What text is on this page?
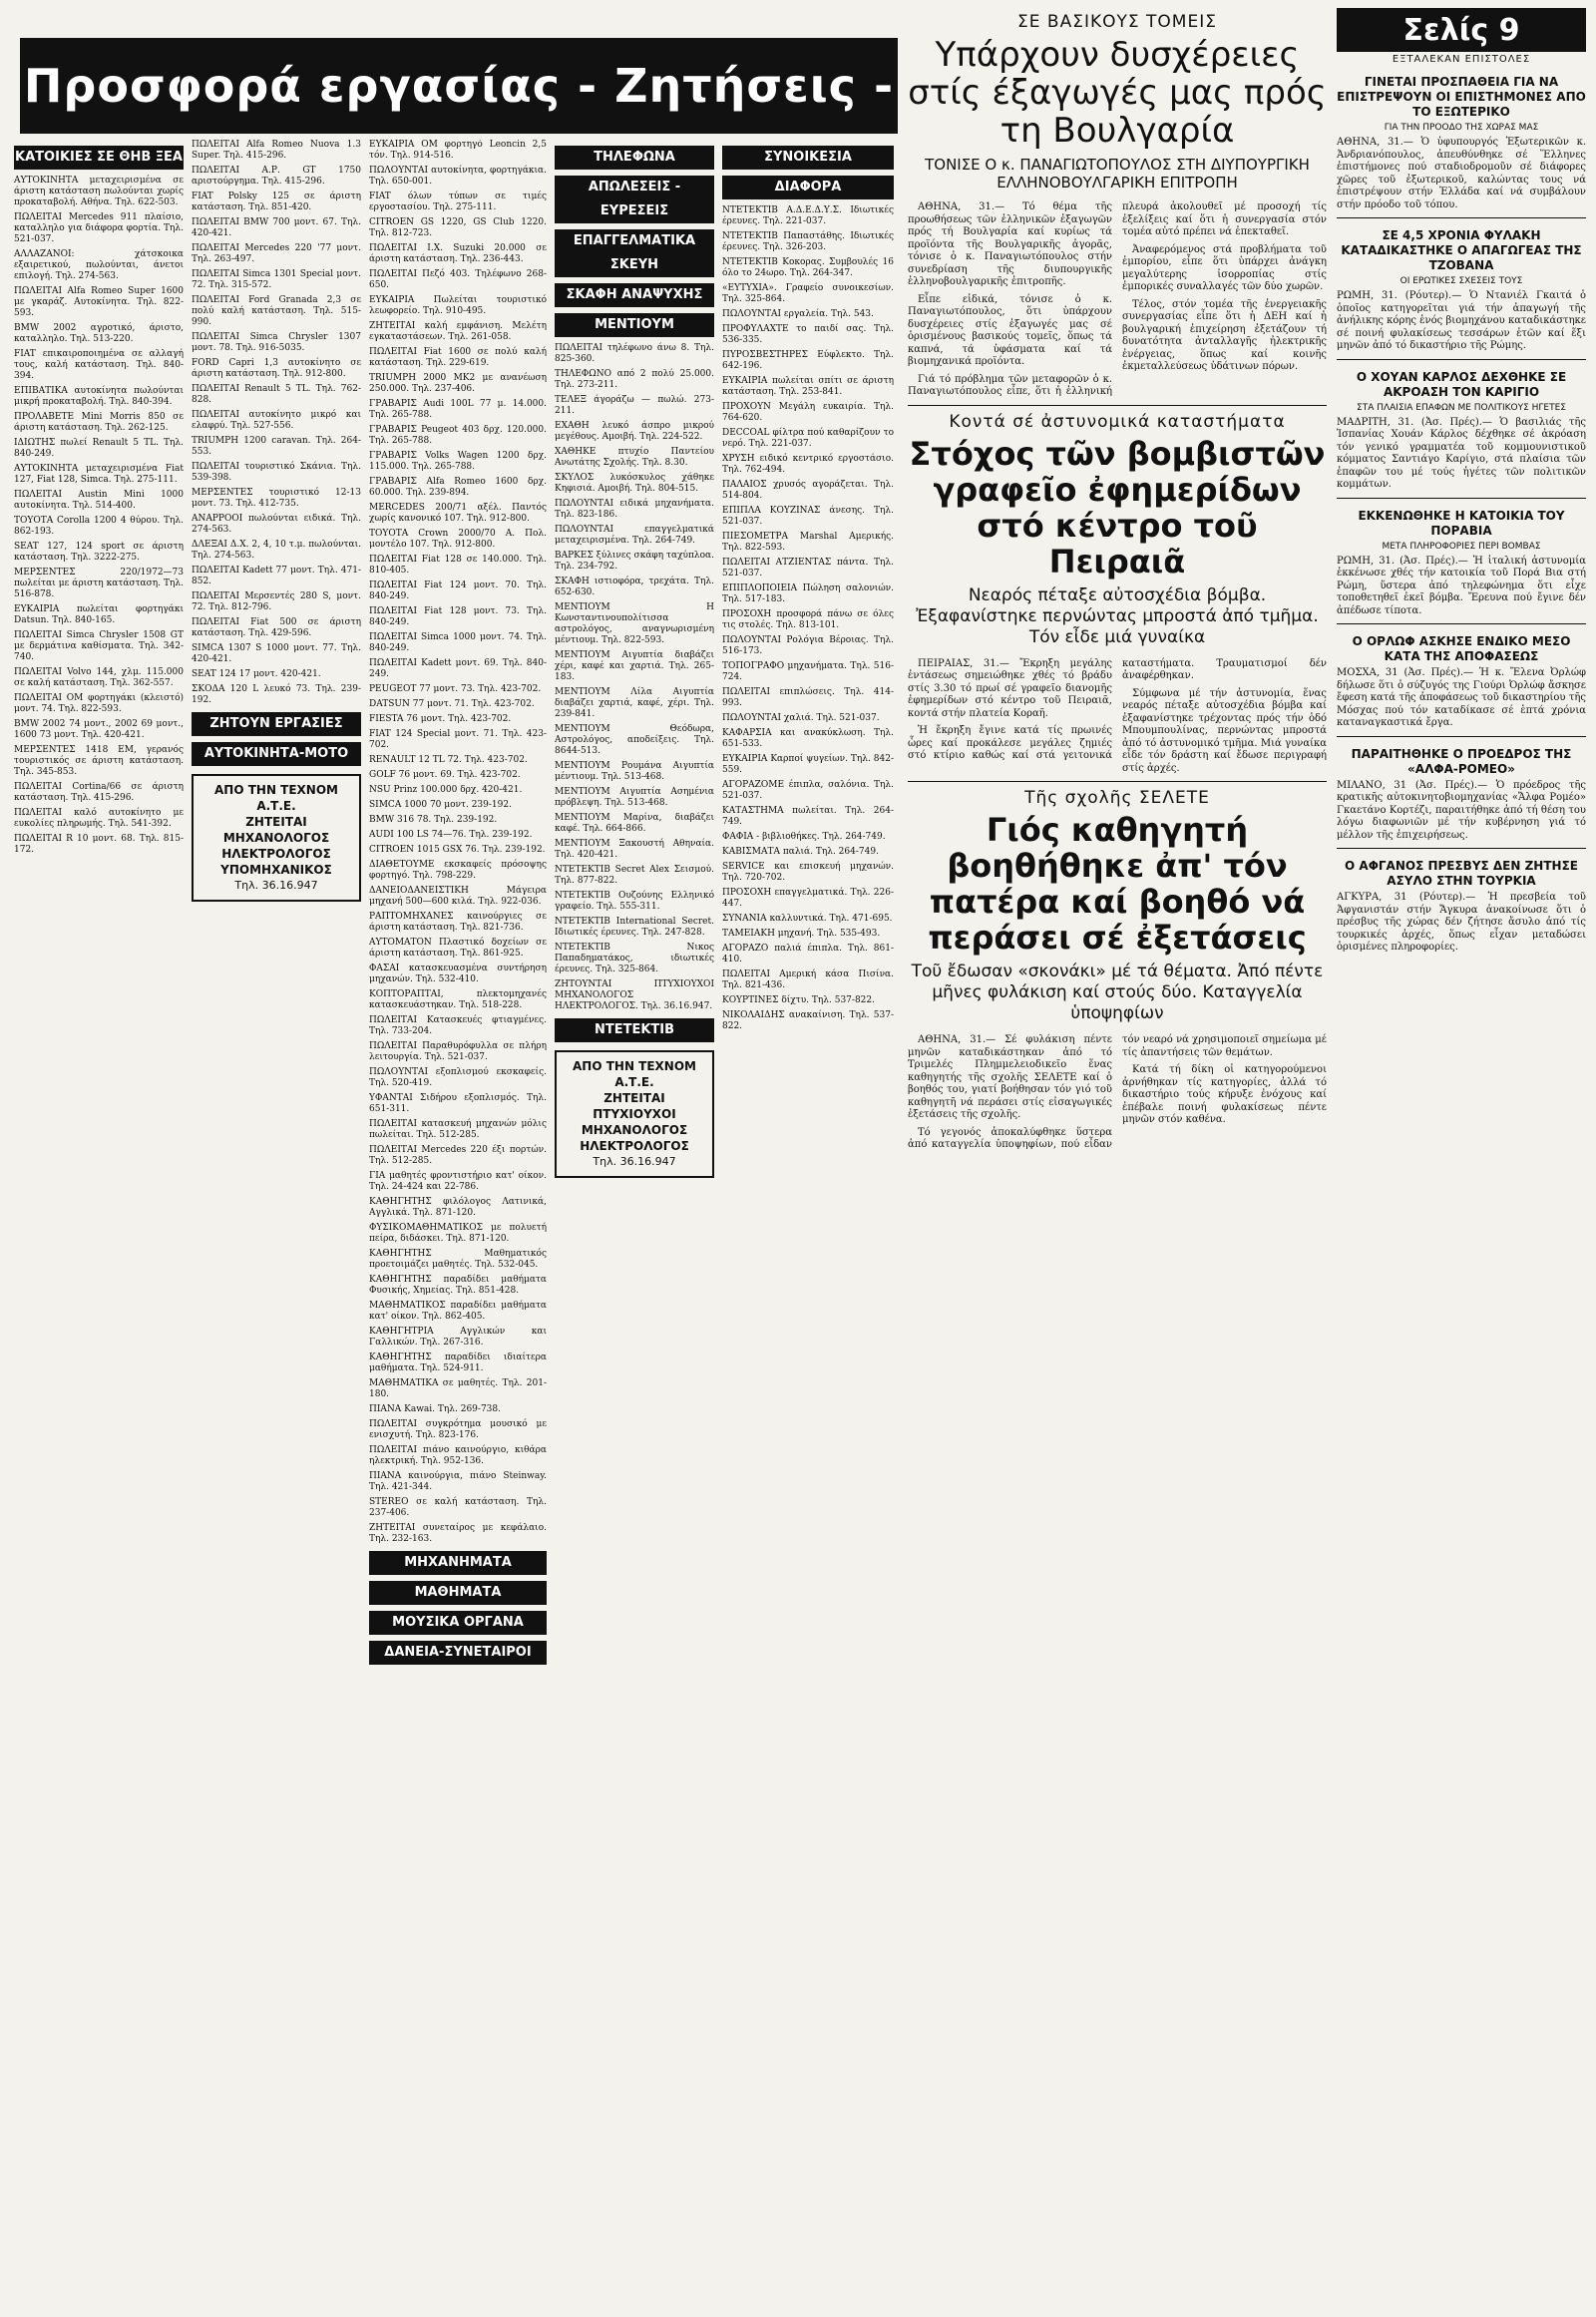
Προσφορά εργασίας - Ζητήσεις -
ΚΑΤΟΙΚΙΕΣ ΣΕ ΘΗΒ ΞΕΑ

ΑΥΤΟΚΙΝΗΤΑ μεταχειρισμένα σε άριστη κατάσταση πωλούνται χωρίς προκαταβολή. Αθήνα. Τηλ. 622-503.

ΠΩΛΕΙΤΑΙ Mercedes 911 πλαίσιο, καταλληλο για διάφορα φορτία. Τηλ. 521-037.

ΑΛΛΑΖΑΝΟΙ: χάτσκοικα εξαιρετικού, πωλούνται, άνετοι επιλογή. Τηλ. 274-563.

ΠΩΛΕΙΤΑΙ Alfa Romeo Super 1600 με γκαράζ. Αυτοκίνητα. Τηλ. 822-593.

BMW 2002 αγροτικό, άριστο, καταλληλο. Τηλ. 513-220.

FIAT επικαιροποιημένα σε αλλαγή τους, καλή κατάσταση. Τηλ. 840-394.

ΕΠΙΒΑΤΙΚΑ αυτοκίνητα πωλούνται μικρή προκαταβολή. Τηλ. 840-394.

ΠΡΟΛΑΒΕΤΕ Mini Morris 850 σε άριστη κατάσταση. Τηλ. 262-125.

ΙΔΙΩΤΗΣ πωλεί Renault 5 TL. Τηλ. 840-249.

ΑΥΤΟΚΙΝΗΤΑ μεταχειρισμένα Fiat 127, Fiat 128, Simca. Τηλ. 275-111.

ΠΩΛΕΙΤΑΙ Austin Mini 1000 αυτοκίνητα. Τηλ. 514-400.

ΤΟΥΟΤΑ Corolla 1200 4 θύρου. Τηλ. 862-193.

SEAT 127, 124 sport σε άριστη κατάσταση. Τηλ. 3222-275.

ΜΕΡΣΕΝΤΕΣ 220/1972—73 πωλείται με άριστη κατάσταση. Τηλ. 516-878.

ΕΥΚΑΙΡΙΑ πωλείται φορτηγάκι Datsun. Τηλ. 840-165.

ΠΩΛΕΙΤΑΙ Simca Chrysler 1508 GT με δερμάτινα καθίσματα. Τηλ. 342-740.

ΠΩΛΕΙΤΑΙ Volvo 144, χλμ. 115.000 σε καλή κατάσταση. Τηλ. 362-557.

ΠΩΛΕΙΤΑΙ OM φορτηγάκι (κλειστό) μοντ. 74. Τηλ. 822-593.

BMW 2002 74 μοντ., 2002 69 μοντ., 1600 73 μοντ. Τηλ. 420-421.

ΜΕΡΣΕΝΤΕΣ 1418 ΕΜ, γερανός τουριστικός σε άριστη κατάσταση. Τηλ. 345-853.

ΠΩΛΕΙΤΑΙ Cortina/66 σε άριστη κατάσταση. Τηλ. 415-296.

ΠΩΛΕΙΤΑΙ καλό αυτοκίνητο με ευκολίες πληρωμής. Τηλ. 541-392.

ΠΩΛΕΙΤΑΙ R 10 μοντ. 68. Τηλ. 815-172.

ΠΩΛΕΙΤΑΙ Alfa Romeo Nuova 1.3 Super. Τηλ. 415-296.

ΠΩΛΕΙΤΑΙ Α.Ρ. GT 1750 αριστούργημα. Τηλ. 415-296.

FIAT Polsky 125 σε άριστη κατάσταση. Τηλ. 851-420.

ΠΩΛΕΙΤΑΙ BMW 700 μοντ. 67. Τηλ. 420-421.

ΠΩΛΕΙΤΑΙ Mercedes 220 '77 μοντ. Τηλ. 263-497.

ΠΩΛΕΙΤΑΙ Simca 1301 Special μοντ. 72. Τηλ. 315-572.

ΠΩΛΕΙΤΑΙ Ford Granada 2,3 σε πολύ καλή κατάσταση. Τηλ. 515-990.

ΠΩΛΕΙΤΑΙ Simca Chrysler 1307 μοντ. 78. Τηλ. 916-5035.

FORD Capri 1,3 αυτοκίνητο σε άριστη κατάσταση. Τηλ. 912-800.

ΠΩΛΕΙΤΑΙ Renault 5 TL. Τηλ. 762-828.

ΠΩΛΕΙΤΑΙ αυτοκίνητο μικρό και ελαφρύ. Τηλ. 527-556.

TRIUMPH 1200 caravan. Τηλ. 264-553.

ΠΩΛΕΙΤΑΙ τουριστικό Σκάνια. Τηλ. 539-398.

ΜΕΡΣΕΝΤΕΣ τουριστικό 12-13 μοντ. 73. Τηλ. 412-735.

ΑΝΑΡΡΟΟΙ πωλούνται ειδικά. Τηλ. 274-563.

ΔΛΕΞΑΙ Δ.Χ. 2, 4, 10 τ.μ. πωλούνται. Τηλ. 274-563.

ΠΩΛΕΙΤΑΙ Kadett 77 μοντ. Τηλ. 471-852.

ΠΩΛΕΙΤΑΙ Μερσεντές 280 S, μοντ. 72. Τηλ. 812-796.

ΠΩΛΕΙΤΑΙ Fiat 500 σε άριστη κατάσταση. Τηλ. 429-596.

SIMCA 1307 S 1000 μοντ. 77. Τηλ. 420-421.

SEAT 124 17 μοντ. 420-421.

ΣΚΟΔΑ 120 L λευκό 73. Τηλ. 239-192.

ΖΗΤΟΥΝ ΕΡΓΑΣΙΕΣ
ΑΥΤΟΚΙΝΗΤΑ-ΜΟΤΟ
ΑΠΟ ΤΗΝ ΤΕΧΝΟΜ Α.Τ.Ε.
ΖΗΤΕΙΤΑΙ
ΜΗΧΑΝΟΛΟΓΟΣ ΗΛΕΚΤΡΟΛΟΓΟΣ ΥΠΟΜΗΧΑΝΙΚΟΣ
Τηλ. 36.16.947

ΕΥΚΑΙΡΙΑ ΟΜ φορτηγό Leoncin 2,5 τόν. Τηλ. 914-516.

ΠΩΛΟΥΝΤΑΙ αυτοκίνητα, φορτηγάκια. Τηλ. 650-001.

FIAT όλων τύπων σε τιμές εργοστασίου. Τηλ. 275-111.

CITROEN GS 1220, GS Club 1220. Τηλ. 812-723.

ΠΩΛΕΙΤΑΙ Ι.Χ. Suzuki 20.000 σε άριστη κατάσταση. Τηλ. 236-443.

ΠΩΛΕΙΤΑΙ Πεζό 403. Τηλέφωνο 268-650.

ΕΥΚΑΙΡΙΑ Πωλείται τουριστικό λεωφορείο. Τηλ. 910-495.

ΖΗΤΕΙΤΑΙ καλή εμφάνιση. Μελέτη εγκαταστάσεων. Τηλ. 261-058.

ΠΩΛΕΙΤΑΙ Fiat 1600 σε πολύ καλή κατάσταση. Τηλ. 229-619.

TRIUMPH 2000 MK2 με ανανέωση 250.000. Τηλ. 237-406.

ΓΡΑΒΑΡΙΣ Audi 100L 77 μ. 14.000. Τηλ. 265-788.

ΓΡΑΒΑΡΙΣ Peugeot 403 δρχ. 120.000. Τηλ. 265-788.

ΓΡΑΒΑΡΙΣ Volks Wagen 1200 δρχ. 115.000. Τηλ. 265-788.

ΓΡΑΒΑΡΙΣ Alfa Romeo 1600 δρχ. 60.000. Τηλ. 239-894.

MERCEDES 200/71 αξέλ. Παντός χωρίς κανονικό 107. Τηλ. 912-800.

ΤΟΥΟΤΑ Crown 2000/70 Α. Πολ. μοντέλο 107. Τηλ. 912-800.

ΠΩΛΕΙΤΑΙ Fiat 128 σε 140.000. Τηλ. 810-405.

ΠΩΛΕΙΤΑΙ Fiat 124 μοντ. 70. Τηλ. 840-249.

ΠΩΛΕΙΤΑΙ Fiat 128 μοντ. 73. Τηλ. 840-249.

ΠΩΛΕΙΤΑΙ Simca 1000 μοντ. 74. Τηλ. 840-249.

ΠΩΛΕΙΤΑΙ Kadett μοντ. 69. Τηλ. 840-249.

PEUGEOT 77 μοντ. 73. Τηλ. 423-702.

DATSUN 77 μοντ. 71. Τηλ. 423-702.

FIESTA 76 μοντ. Τηλ. 423-702.

FIAT 124 Special μοντ. 71. Τηλ. 423-702.

RENAULT 12 TL 72. Τηλ. 423-702.

GOLF 76 μοντ. 69. Τηλ. 423-702.

NSU Prinz 100.000 δρχ. 420-421.

SIMCA 1000 70 μοντ. 239-192.

BMW 316 78. Τηλ. 239-192.

AUDI 100 LS 74—76. Τηλ. 239-192.

CITROEN 1015 GSX 76. Τηλ. 239-192.

ΔΙΑΘΕΤΟΥΜΕ εκσκαφείς πρόσοψης φορτηγό. Τηλ. 798-229.

ΔΑΝΕΙΟΔΑΝΕΙΣΤΙΚΗ Μάγειρα μηχανή 500—600 κιλά. Τηλ. 922-036.

ΡΑΠΤΟΜΗΧΑΝΕΣ καινούργιες σε άριστη κατάσταση. Τηλ. 821-736.

ΑΥΤΟΜΑΤΟΝ Πλαστικό δοχείων σε άριστη κατάσταση. Τηλ. 861-925.

ΦΑΣΑΙ κατασκευασμένα συντήρηση μηχανών. Τηλ. 532-410.

ΚΟΠΤΟΡΑΠΤΑΙ, πλεκτομηχανές κατασκευάστηκαν. Τηλ. 518-228.

ΠΩΛΕΙΤΑΙ Κατασκευές φτιαγμένες. Τηλ. 733-204.

ΠΩΛΕΙΤΑΙ Παραθυρόφυλλα σε πλήρη λειτουργία. Τηλ. 521-037.

ΠΩΛΟΥΝΤΑΙ εξοπλισμού εκσκαφείς. Τηλ. 520-419.

ΥΦΑΝΤΑΙ Σιδήρου εξοπλισμός. Τηλ. 651-311.

ΠΩΛΕΙΤΑΙ κατασκευή μηχανών μόλις πωλείται. Τηλ. 512-285.

ΠΩΛΕΙΤΑΙ Mercedes 220 έξι πορτών. Τηλ. 512-285.

ΓΙΑ μαθητές φροντιστήριο κατ' οίκον. Τηλ. 24-424 και 22-786.

ΚΑΘΗΓΗΤΗΣ φιλόλογος Λατινικά, Αγγλικά. Τηλ. 871-120.

ΦΥΣΙΚΟΜΑΘΗΜΑΤΙΚΟΣ με πολυετή πείρα, διδάσκει. Τηλ. 871-120.

ΚΑΘΗΓΗΤΗΣ Μαθηματικός προετοιμάζει μαθητές. Τηλ. 532-045.

ΚΑΘΗΓΗΤΗΣ παραδίδει μαθήματα Φυσικής, Χημείας. Τηλ. 851-428.

ΜΑΘΗΜΑΤΙΚΟΣ παραδίδει μαθήματα κατ' οίκον. Τηλ. 862-405.

ΚΑΘΗΓΗΤΡΙΑ Αγγλικών και Γαλλικών. Τηλ. 267-316.

ΚΑΘΗΓΗΤΗΣ παραδίδει ιδιαίτερα μαθήματα. Τηλ. 524-911.

ΜΑΘΗΜΑΤΙΚΑ σε μαθητές. Τηλ. 201-180.

ΠΙΑΝΑ Kawai. Τηλ. 269-738.

ΠΩΛΕΙΤΑΙ συγκρότημα μουσικό με ενισχυτή. Τηλ. 823-176.

ΠΩΛΕΙΤΑΙ πιάνο καινούργιο, κιθάρα ηλεκτρική. Τηλ. 952-136.

ΠΙΑΝΑ καινούργια, πιάνο Steinway. Τηλ. 421-344.

STEREO σε καλή κατάσταση. Τηλ. 237-406.

ΖΗΤΕΙΤΑΙ συνεταίρος με κεφάλαιο. Τηλ. 232-163.

ΜΗΧΑΝΗΜΑΤΑ
ΜΑΘΗΜΑΤΑ
ΜΟΥΣΙΚΑ ΟΡΓΑΝΑ
ΔΑΝΕΙΑ-ΣΥΝΕΤΑΙΡΟΙ
ΤΗΛΕΦΩΝΑ
ΑΠΩΛΕΣΕΙΣ - ΕΥΡΕΣΕΙΣ
ΕΠΑΓΓΕΛΜΑΤΙΚΑ ΣΚΕΥΗ
ΣΚΑΦΗ ΑΝΑΨΥΧΗΣ
ΜΕΝΤΙΟΥΜ

ΠΩΛΕΙΤΑΙ τηλέφωνο άνω 8. Τηλ. 825-360.

ΤΗΛΕΦΩΝΟ από 2 πολύ 25.000. Τηλ. 273-211.

ΤΕΛΕΞ άγοράζω — πωλώ. 273-211.

ΕΧΑΘΗ λευκό άσπρο μικρού μεγέθους. Αμοιβή. Τηλ. 224-522.

ΧΑΘΗΚΕ πτυχίο Παντείου Ανωτάτης Σχολής. Τηλ. 8.30.

ΣΚΥΛΟΣ λυκόσκυλος χάθηκε Κηφισιά. Αμοιβή. Τηλ. 804-515.

ΠΩΛΟΥΝΤΑΙ ειδικά μηχανήματα. Τηλ. 823-186.

ΠΩΛΟΥΝΤΑΙ επαγγελματικά μεταχειρισμένα. Τηλ. 264-749.

ΒΑΡΚΕΣ ξύλινες σκάφη ταχύπλοα. Τηλ. 234-792.

ΣΚΑΦΗ ιστιοφόρα, τρεχάτα. Τηλ. 652-630.

ΜΕΝΤΙΟΥΜ Η Κωνσταντινουπολίτισσα αστρολόγος, αναγνωρισμένη μέντιουμ. Τηλ. 822-593.

ΜΕΝΤΙΟΥΜ Αιγυπτία διαβάζει χέρι, καφέ και χαρτιά. Τηλ. 265-183.

ΜΕΝΤΙΟΥΜ Λίλα Αιγυπτία διαβάζει χαρτιά, καφέ, χέρι. Τηλ. 239-841.

ΜΕΝΤΙΟΥΜ Θεόδωρα, Αστρολόγος, αποδείξεις. Τηλ. 8644-513.

ΜΕΝΤΙΟΥΜ Ρουμάνα Αιγυπτία μέντιουμ. Τηλ. 513-468.

ΜΕΝΤΙΟΥΜ Αιγυπτία Ασημένια πρόβλεψη. Τηλ. 513-468.

ΜΕΝΤΙΟΥΜ Μαρίνα, διαβάζει καφέ. Τηλ. 664-866.

ΜΕΝΤΙΟΥΜ Ξακουστή Αθηναία. Τηλ. 420-421.

ΝΤΕΤΕΚΤΙΒ Secret Alex Σεισμού. Τηλ. 877-822.

ΝΤΕΤΕΚΤΙΒ Ουζούνης Ελληνικό γραφείο. Τηλ. 555-311.

ΝΤΕΤΕΚΤΙΒ International Secret. Ιδιωτικές έρευνες. Τηλ. 247-828.

ΝΤΕΤΕΚΤΙΒ Νικος Παπαδηματάκος, ιδιωτικές έρευνες. Τηλ. 325-864.

ΖΗΤΟΥΝΤΑΙ ΠΤΥΧΙΟΥΧΟΙ ΜΗΧΑΝΟΛΟΓΟΣ ΗΛΕΚΤΡΟΛΟΓΟΣ. Τηλ. 36.16.947.

ΝΤΕΤΕΚΤΙΒ
ΑΠΟ ΤΗΝ ΤΕΧΝΟΜ Α.Τ.Ε.
ΖΗΤΕΙΤΑΙ
ΠΤΥΧΙΟΥΧΟΙ ΜΗΧΑΝΟΛΟΓΟΣ ΗΛΕΚΤΡΟΛΟΓΟΣ
Τηλ. 36.16.947
ΣΥΝΟΙΚΕΣΙΑ
ΔΙΑΦΟΡΑ

ΝΤΕΤΕΚΤΙΒ Α.Δ.Ε.Δ.Υ.Σ. Ιδιωτικές έρευνες. Τηλ. 221-037.

ΝΤΕΤΕΚΤΙΒ Παπαστάθης. Ιδιωτικές έρευνες. Τηλ. 326-203.

ΝΤΕΤΕΚΤΙΒ Κοκορας. Συμβουλές 16 όλο το 24ωρο. Τηλ. 264-347.

«ΕΥΤΥΧΙΑ». Γραφείο συνοικεσίων. Τηλ. 325-864.

ΠΩΛΟΥΝΤΑΙ εργαλεία. Τηλ. 543.

ΠΡΟΦΥΛΑΧΤΕ το παιδί σας. Τηλ. 536-335.

ΠΥΡΟΣΒΕΣΤΗΡΕΣ Εύφλεκτο. Τηλ. 642-196.

ΕΥΚΑΙΡΙΑ πωλείται σπίτι σε άριστη κατάσταση. Τηλ. 253-841.

ΠΡΟΧΟΥΝ Μεγάλη ευκαιρία. Τηλ. 764-620.

DECCOAL φίλτρα πού καθαρίζουν το νερό. Τηλ. 221-037.

ΧΡΥΣΗ ειδικό κεντρικό εργοστάσιο. Τηλ. 762-494.

ΠΑΛΑΙΟΣ χρυσός αγοράζεται. Τηλ. 514-804.

ΕΠΙΠΛΑ ΚΟΥΖΙΝΑΣ άνεσης. Τηλ. 521-037.

ΠΙΕΣΟΜΕΤΡΑ Marshal Αμερικής. Τηλ. 822-593.

ΠΩΛΕΙΤΑΙ ΑΤΖΙΕΝΤΑΣ πάντα. Τηλ. 521-037.

ΕΠΙΠΛΟΠΟΙΕΙΑ Πώληση σαλονιών. Τηλ. 517-183.

ΠΡΟΣΟΧΗ προσφορά πάνω σε όλες τις στολές. Τηλ. 813-101.

ΠΩΛΟΥΝΤΑΙ Ρολόγια Βέροιας. Τηλ. 516-173.

ΤΟΠΟΓΡΑΦΟ μηχανήματα. Τηλ. 516-724.

ΠΩΛΕΙΤΑΙ επιπλώσεις. Τηλ. 414-993.

ΠΩΛΟΥΝΤΑΙ χαλιά. Τηλ. 521-037.

ΚΑΦΑΡΣΙΑ και ανακύκλωση. Τηλ. 651-533.

ΕΥΚΑΙΡΙΑ Καρποί ψυγείων. Τηλ. 842-559.

ΑΓΟΡΑΖΟΜΕ έπιπλα, σαλόνια. Τηλ. 521-037.

ΚΑΤΑΣΤΗΜΑ πωλείται. Τηλ. 264-749.

ΦΑΦΙΑ - βιβλιοθήκες. Τηλ. 264-749.

ΚΑΒΙΣΜΑΤΑ παλιά. Τηλ. 264-749.

SERVICE και επισκευή μηχανών. Τηλ. 720-702.

ΠΡΟΣΟΧΗ επαγγελματικά. Τηλ. 226-447.

ΣΥΝΑΝΙΑ καλλυντικά. Τηλ. 471-695.

ΤΑΜΕΙΑΚΗ μηχανή. Τηλ. 535-493.

ΑΓΟΡΑΖΟ παλιά έπιπλα. Τηλ. 861-410.

ΠΩΛΕΙΤΑΙ Αμερική κάσα Πισίνα. Τηλ. 821-436.

ΚΟΥΡΤΙΝΕΣ δίχτυ. Τηλ. 537-822.

ΝΙΚΟΛΑΙΔΗΣ ανακαίνιση. Τηλ. 537-822.

ΣΕ ΒΑΣΙΚΟΥΣ ΤΟΜΕΙΣ
Υπάρχουν δυσχέρειες στίς έξαγωγές μας πρός τη Βουλγαρία
ΤΟΝΙΣΕ Ο κ. ΠΑΝΑΓΙΩΤΟΠΟΥΛΟΣ ΣΤΗ ΔΙΥΠΟΥΡΓΙΚΗ ΕΛΛΗΝΟΒΟΥΛΓΑΡΙΚΗ ΕΠΙΤΡΟΠΗ

ΑΘΗΝΑ, 31.— Τό θέμα τῆς προωθήσεως τῶν ἑλληνικῶν ἐξαγωγῶν πρός τή Βουλγαρία καί κυρίως τά προϊόντα τῆς Βουλγαρικῆς ἀγορᾶς, τόνισε ὁ κ. Παναγιωτόπουλος στήν συνεδρίαση τῆς διυπουργικῆς ἑλληνοβουλγαρικῆς ἐπιτροπῆς.

Εἶπε εἰδικά, τόνισε ὁ κ. Παναγιωτόπουλος, ὅτι ὑπάρχουν δυσχέρειες στίς ἐξαγωγές μας σέ ὁρισμένους βασικούς τομεῖς, ὅπως τά καπνά, τά ὑφάσματα καί τά βιομηχανικά προϊόντα.

Γιά τό πρόβλημα τῶν μεταφορῶν ὁ κ. Παναγιωτόπουλος εἶπε, ὅτι ἡ ἑλληνική πλευρά ἀκολουθεῖ μέ προσοχή τίς ἐξελίξεις καί ὅτι ἡ συνεργασία στόν τομέα αὐτό πρέπει νά ἐπεκταθεῖ.

Ἀναφερόμενος στά προβλήματα τοῦ ἐμπορίου, εἶπε ὅτι ὑπάρχει ἀνάγκη μεγαλύτερης ἰσορροπίας στίς ἐμπορικές συναλλαγές τῶν δύο χωρῶν.

Τέλος, στόν τομέα τῆς ἐνεργειακῆς συνεργασίας εἶπε ὅτι ἡ ΔΕΗ καί ἡ βουλγαρική ἐπιχείρηση ἐξετάζουν τή δυνατότητα ἀνταλλαγῆς ἠλεκτρικῆς ἐνέργειας, ὅπως καί κοινῆς ἐκμεταλλεύσεως ὑδάτινων πόρων.

Κοντά σέ ἀστυνομικά καταστήματα
Στόχος τῶν βομβιστῶν γραφεῖο ἐφημερίδων στό κέντρο τοῦ Πειραιᾶ
Νεαρός πέταξε αὐτοσχέδια βόμβα. Ἐξαφανίστηκε περνώντας μπροστά ἀπό τμῆμα. Τόν εἶδε μιά γυναίκα

ΠΕΙΡΑΙΑΣ, 31.— Ἔκρηξη μεγάλης ἐντάσεως σημειώθηκε χθές τό βράδυ στίς 3.30 τό πρωί σέ γραφεῖο διανομῆς ἐφημερίδων στό κέντρο τοῦ Πειραιᾶ, κοντά στήν πλατεία Κοραῆ.

Ἡ ἔκρηξη ἔγινε κατά τίς πρωινές ὧρες καί προκάλεσε μεγάλες ζημιές στό κτίριο καθώς καί στά γειτονικά καταστήματα. Τραυματισμοί δέν ἀναφέρθηκαν.

Σύμφωνα μέ τήν ἀστυνομία, ἕνας νεαρός πέταξε αὐτοσχέδια βόμβα καί ἐξαφανίστηκε τρέχοντας πρός τήν ὁδό Μπουμπουλίνας, περνώντας μπροστά ἀπό τό ἀστυνομικό τμῆμα. Μιά γυναίκα εἶδε τόν δράστη καί ἔδωσε περιγραφή στίς ἀρχές.

Τῆς σχολῆς ΣΕΛΕΤΕ
Γιός καθηγητή βοηθήθηκε ἀπ' τόν πατέρα καί βοηθό νά περάσει σέ ἐξετάσεις
Τοῦ ἔδωσαν «σκονάκι» μέ τά θέματα. Ἀπό πέντε μῆνες φυλάκιση καί στούς δύο. Καταγγελία ὑποψηφίων

ΑΘΗΝΑ, 31.— Σέ φυλάκιση πέντε μηνῶν καταδικάστηκαν ἀπό τό Τριμελές Πλημμελειοδικεῖο ἕνας καθηγητής τῆς σχολῆς ΣΕΛΕΤΕ καί ὁ βοηθός του, γιατί βοήθησαν τόν γιό τοῦ καθηγητῆ νά περάσει στίς εἰσαγωγικές ἐξετάσεις τῆς σχολῆς.

Τό γεγονός ἀποκαλύφθηκε ὕστερα ἀπό καταγγελία ὑποψηφίων, πού εἶδαν τόν νεαρό νά χρησιμοποιεῖ σημείωμα μέ τίς ἀπαντήσεις τῶν θεμάτων.

Κατά τή δίκη οἱ κατηγορούμενοι ἀρνήθηκαν τίς κατηγορίες, ἀλλά τό δικαστήριο τούς κήρυξε ἐνόχους καί ἐπέβαλε ποινή φυλακίσεως πέντε μηνῶν στόν καθένα.

Σελίς 9
ΕΞΤΑΛΕΚΑΝ ΕΠΙΣΤΟΛΕΣ
ΓΙΝΕΤΑΙ ΠΡΟΣΠΑΘΕΙΑ ΓΙΑ ΝΑ ΕΠΙΣΤΡΕΨΟΥΝ ΟΙ ΕΠΙΣΤΗΜΟΝΕΣ ΑΠΟ ΤΟ ΕΞΩΤΕΡΙΚΟ
ΓΙΑ ΤΗΝ ΠΡΟΟΔΟ ΤΗΣ ΧΩΡΑΣ ΜΑΣ
ΑΘΗΝΑ, 31.— Ὁ ὑφυπουργός Ἐξωτερικῶν κ. Ἀνδριανόπουλος, ἀπευθύνθηκε σέ Ἕλληνες ἐπιστήμονες πού σταδιοδρομοῦν σέ διάφορες χῶρες τοῦ ἐξωτερικοῦ, καλώντας τους νά ἐπιστρέψουν στήν Ἑλλάδα καί νά συμβάλουν στήν πρόοδο τοῦ τόπου.
ΣΕ 4,5 ΧΡΟΝΙΑ ΦΥΛΑΚΗ ΚΑΤΑΔΙΚΑΣΤΗΚΕ Ο ΑΠΑΓΩΓΕΑΣ ΤΗΣ ΤΖΟΒΑΝΑ
ΟΙ ΕΡΩΤΙΚΕΣ ΣΧΕΣΕΙΣ ΤΟΥΣ
ΡΩΜΗ, 31. (Ρόυτερ).— Ὁ Ντανιέλ Γκαιτά ὁ ὁποῖος κατηγορεῖται γιά τήν ἀπαγωγή τῆς ἀνήλικης κόρης ἑνός βιομηχάνου καταδικάστηκε σέ ποινή φυλακίσεως τεσσάρων ἐτῶν καί ἕξι μηνῶν ἀπό τό δικαστήριο τῆς Ρώμης.
Ο ΧΟΥΑΝ ΚΑΡΛΟΣ ΔΕΧΘΗΚΕ ΣΕ ΑΚΡΟΑΣΗ ΤΟΝ ΚΑΡΙΓΙΟ
ΣΤΑ ΠΛΑΙΣΙΑ ΕΠΑΦΩΝ ΜΕ ΠΟΛΙΤΙΚΟΥΣ ΗΓΕΤΕΣ
ΜΑΔΡΙΤΗ, 31. (Ἀσ. Πρές).— Ὁ βασιλιάς τῆς Ἱσπανίας Χουάν Κάρλος δέχθηκε σέ ἀκρόαση τόν γενικό γραμματέα τοῦ κομμουνιστικοῦ κόμματος Σαντιάγο Καρίγιο, στά πλαίσια τῶν ἐπαφῶν του μέ τούς ἡγέτες τῶν πολιτικῶν κομμάτων.
ΕΚΚΕΝΩΘΗΚΕ Η ΚΑΤΟΙΚΙΑ ΤΟΥ ΠΟΡΑΒΙΑ
ΜΕΤΑ ΠΛΗΡΟΦΟΡΙΕΣ ΠΕΡΙ ΒΟΜΒΑΣ
ΡΩΜΗ, 31. (Ἀσ. Πρές).— Ἡ ἰταλική ἀστυνομία ἐκκένωσε χθές τήν κατοικία τοῦ Πορά Βια στή Ρώμη, ὕστερα ἀπό τηλεφώνημα ὅτι εἶχε τοποθετηθεῖ ἐκεῖ βόμβα. Ἔρευνα πού ἔγινε δέν ἀπέδωσε τίποτα.
Ο ΟΡΛΩΦ ΑΣΚΗΣΕ ΕΝΔΙΚΟ ΜΕΣΟ ΚΑΤΑ ΤΗΣ ΑΠΟΦΑΣΕΩΣ
ΜΟΣΧΑ, 31 (Ἀσ. Πρές).— Ἡ κ. Ἔλενα Ὀρλώφ δήλωσε ὅτι ὁ σύζυγός της Γιούρι Ὀρλώφ ἄσκησε ἔφεση κατά τῆς ἀποφάσεως τοῦ δικαστηρίου τῆς Μόσχας πού τόν καταδίκασε σέ ἑπτά χρόνια καταναγκαστικά ἔργα.
ΠΑΡΑΙΤΗΘΗΚΕ Ο ΠΡΟΕΔΡΟΣ ΤΗΣ «ΑΛΦΑ-ΡΟΜΕΟ»
ΜΙΛΑΝΟ, 31 (Ἀσ. Πρές).— Ὁ πρόεδρος τῆς κρατικῆς αὐτοκινητοβιομηχανίας «Ἄλφα Ρομέο» Γκαετάνο Κορτέζι, παραιτήθηκε ἀπό τή θέση του λόγω διαφωνιῶν μέ τήν κυβέρνηση γιά τό μέλλον τῆς ἐπιχειρήσεως.
Ο ΑΦΓΑΝΟΣ ΠΡΕΣΒΥΣ ΔΕΝ ΖΗΤΗΣΕ ΑΣΥΛΟ ΣΤΗΝ ΤΟΥΡΚΙΑ
ΑΓΚΥΡΑ, 31 (Ρόυτερ).— Ἡ πρεσβεία τοῦ Ἀφγανιστάν στήν Ἄγκυρα ἀνακοίνωσε ὅτι ὁ πρέσβυς τῆς χώρας δέν ζήτησε ἄσυλο ἀπό τίς τουρκικές ἀρχές, ὅπως εἶχαν μεταδώσει ὁρισμένες πληροφορίες.
